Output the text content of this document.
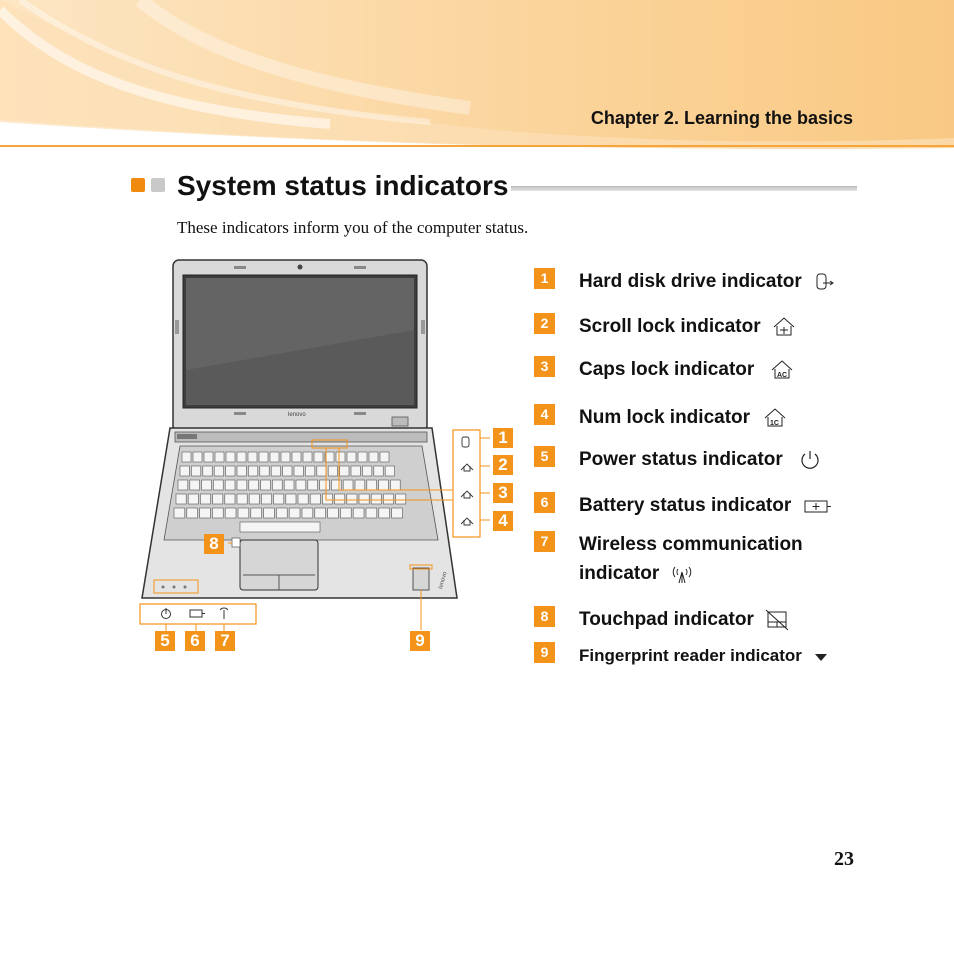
Chapter 2. Learning the basics
System status indicators
These indicators inform you of the computer status.
lenovo
lenovo
1
2
3
4
5	6	7
8
9
1	Hard disk drive indicator
2	Scroll lock indicator
3	Caps lock indicator	AC
4	Num lock indicator	1C
5	Power status indicator
6	Battery status indicator
7	Wireless communication
indicator
8	Touchpad indicator
9	Fingerprint reader indicator
23
